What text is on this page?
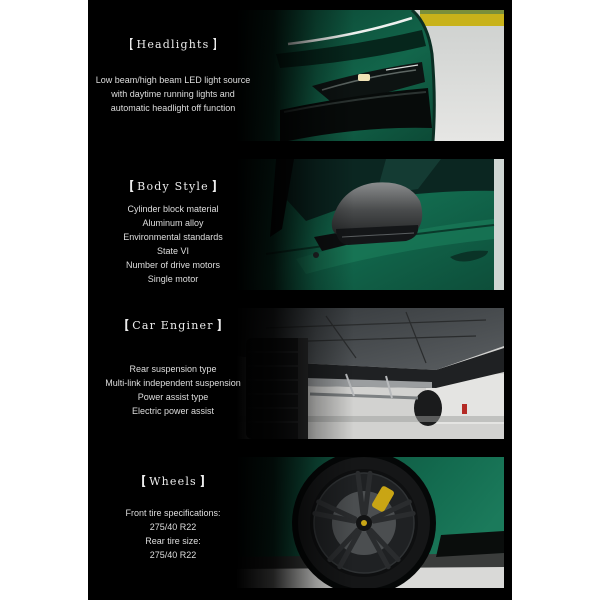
Headlights
Low beam/high beam LED light source
with daytime running lights and
automatic headlight off function
Body Style
Cylinder block material
Aluminum alloy
Environmental standards
State VI
Number of drive motors
Single motor
Car Enginer
Rear suspension type
Multi-link independent suspension
Power assist type
Electric power assist
Wheels
Front tire specifications:
275/40 R22
Rear tire size:
275/40 R22
